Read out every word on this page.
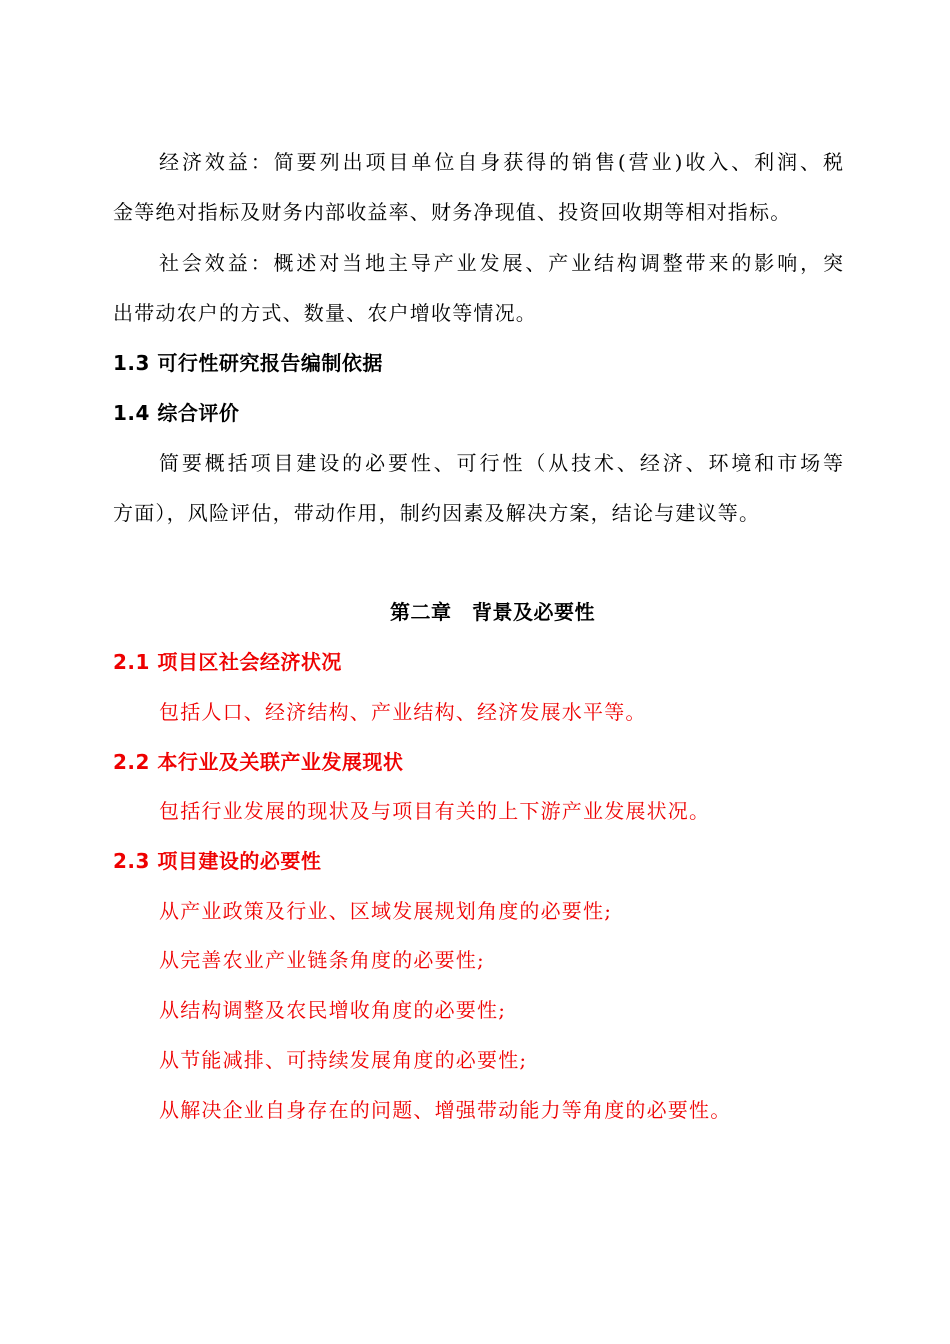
经济效益：简要列出项目单位自身获得的销售(营业)收入、利润、税
金等绝对指标及财务内部收益率、财务净现值、投资回收期等相对指标。
社会效益：概述对当地主导产业发展、产业结构调整带来的影响，突
出带动农户的方式、数量、农户增收等情况。
1.3 可行性研究报告编制依据
1.4 综合评价
简要概括项目建设的必要性、可行性（从技术、经济、环境和市场等
方面），风险评估，带动作用，制约因素及解决方案，结论与建议等。
第二章　背景及必要性
2.1 项目区社会经济状况
包括人口、经济结构、产业结构、经济发展水平等。
2.2 本行业及关联产业发展现状
包括行业发展的现状及与项目有关的上下游产业发展状况。
2.3 项目建设的必要性
从产业政策及行业、区域发展规划角度的必要性;
从完善农业产业链条角度的必要性;
从结构调整及农民增收角度的必要性;
从节能减排、可持续发展角度的必要性;
从解决企业自身存在的问题、增强带动能力等角度的必要性。
